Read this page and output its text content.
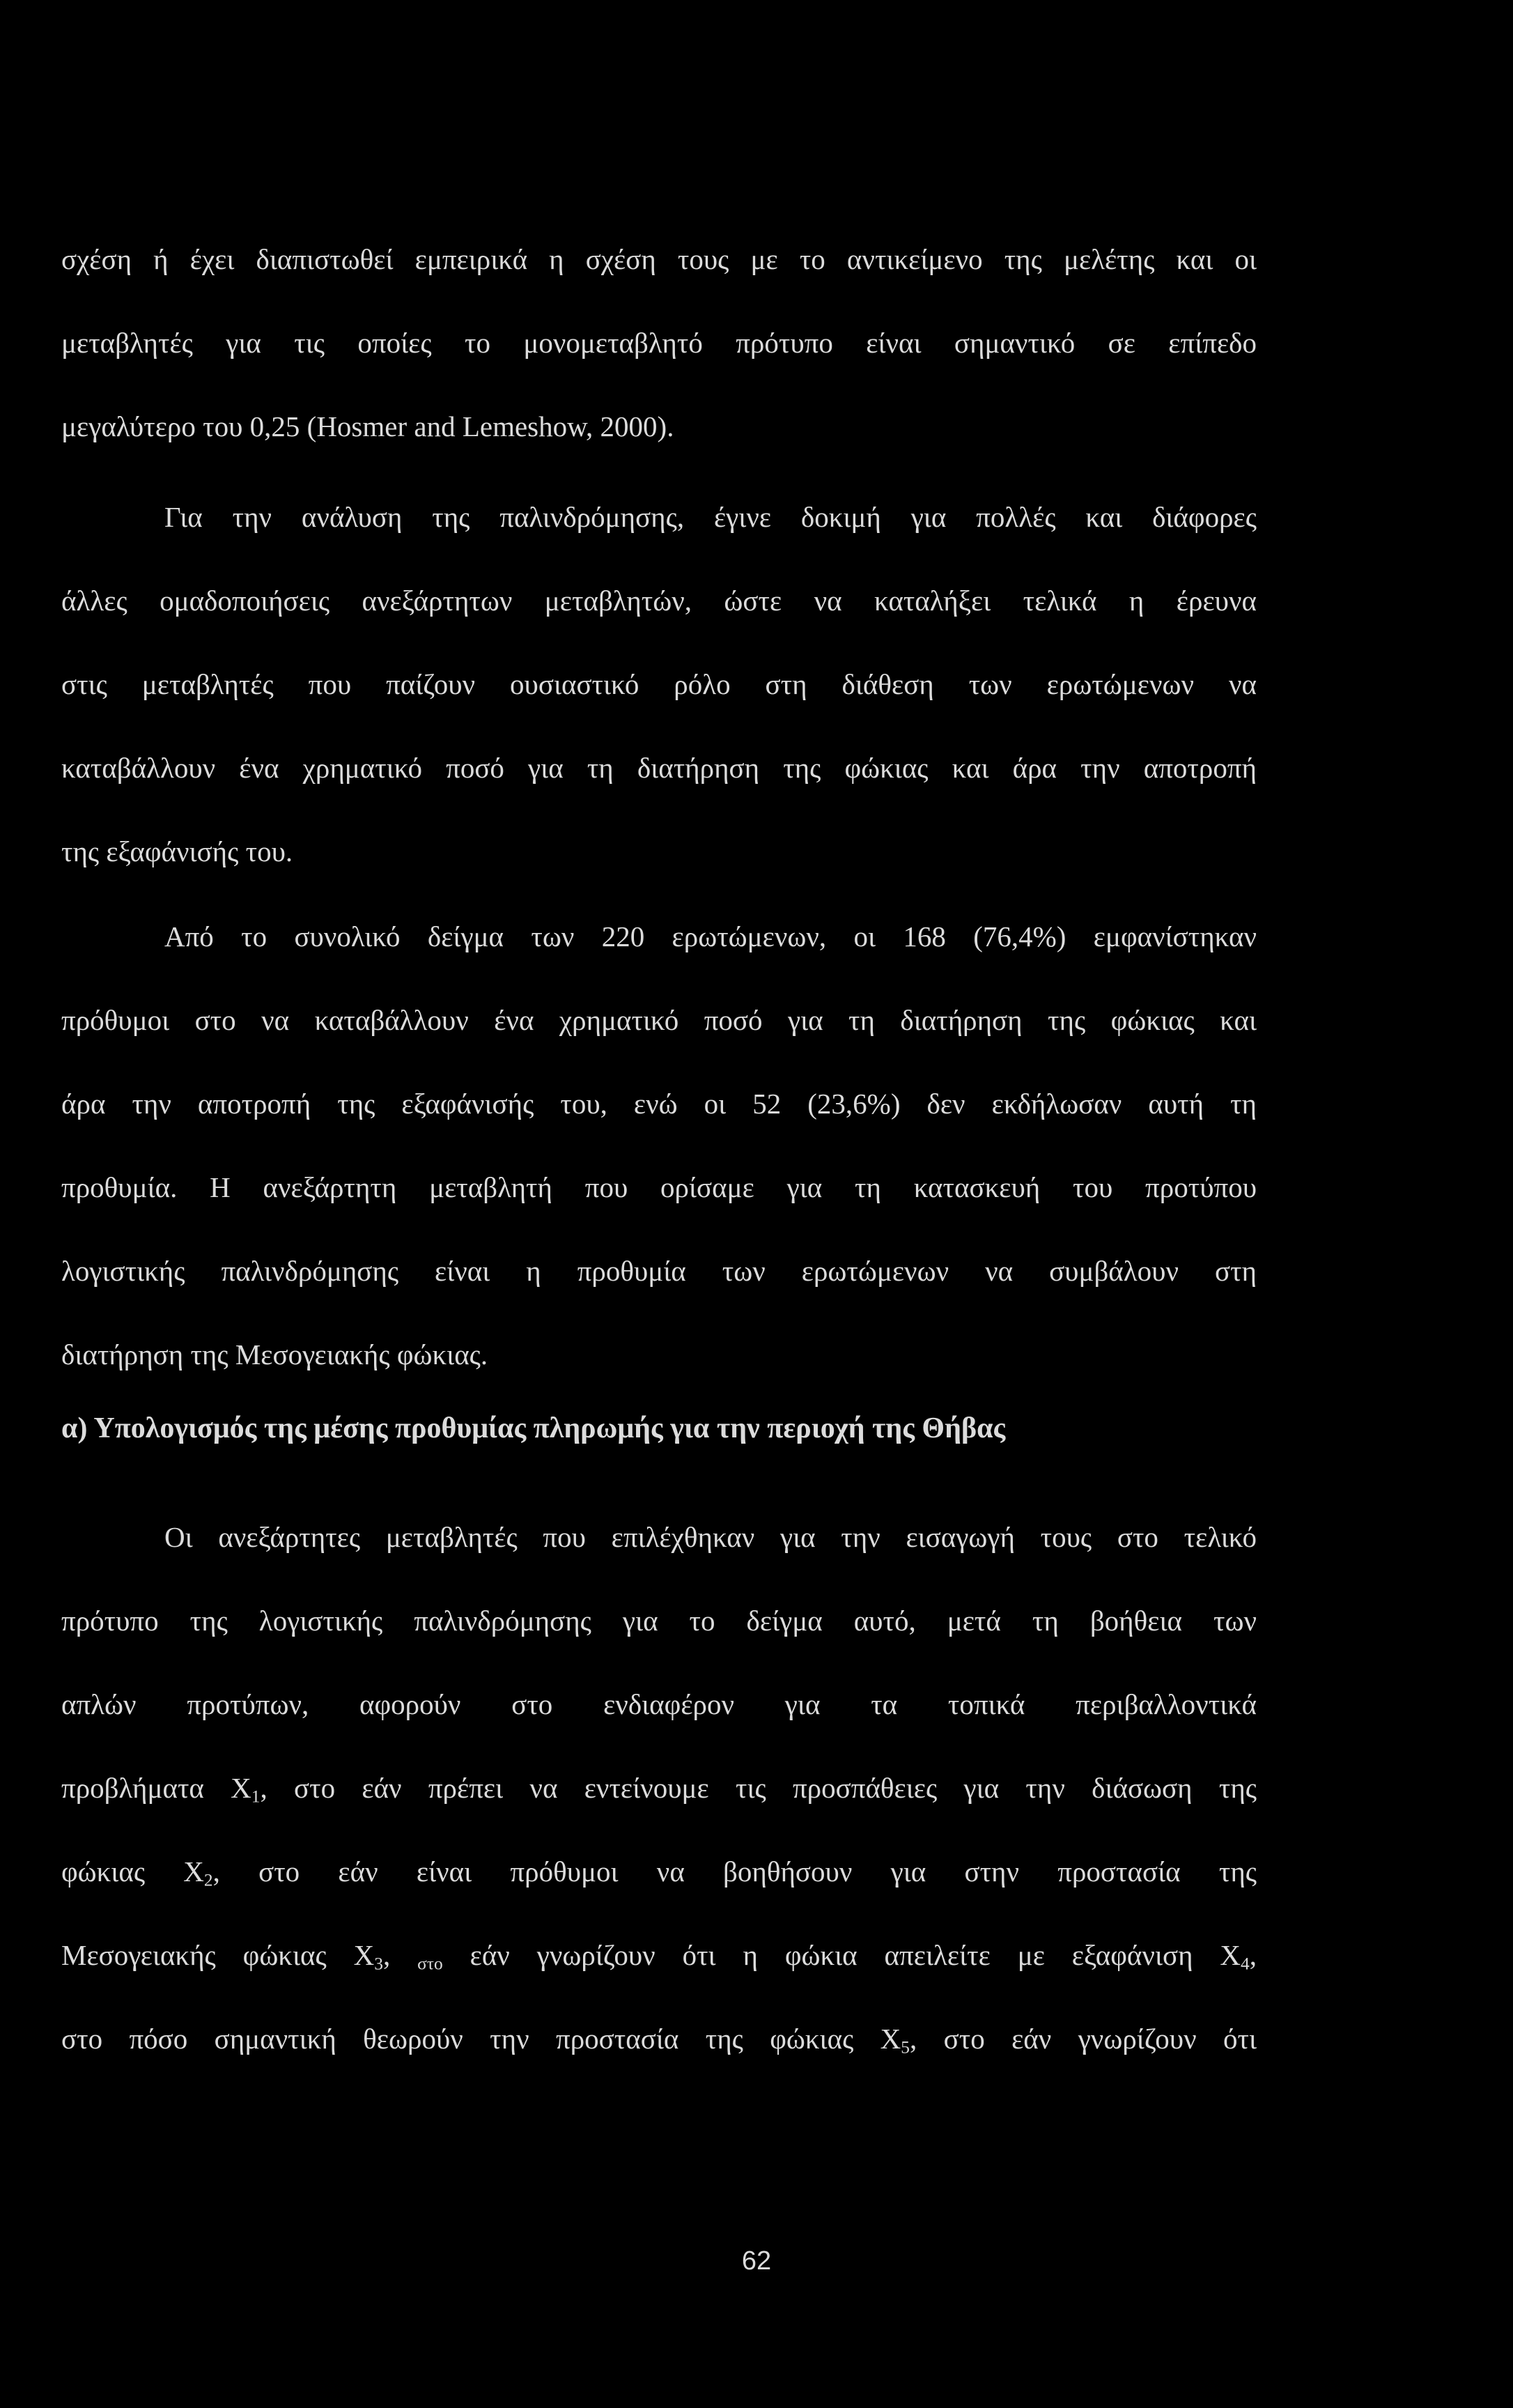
σχέση ή έχει διαπιστωθεί εμπειρικά η σχέση τους με το αντικείμενο της μελέτης και οι
μεταβλητές για τις οποίες το μονομεταβλητό πρότυπο είναι σημαντικό σε επίπεδο
μεγαλύτερο του 0,25 (Hosmer and Lemeshow, 2000).
Για την ανάλυση της παλινδρόμησης, έγινε δοκιμή για πολλές και διάφορες
άλλες ομαδοποιήσεις ανεξάρτητων μεταβλητών, ώστε να καταλήξει τελικά η έρευνα
στις μεταβλητές που παίζουν ουσιαστικό ρόλο στη διάθεση των ερωτώμενων να
καταβάλλουν ένα χρηματικό ποσό για τη διατήρηση της φώκιας και άρα την αποτροπή
της εξαφάνισής του.
Από το συνολικό δείγμα των 220 ερωτώμενων, οι 168 (76,4%) εμφανίστηκαν
πρόθυμοι στο να καταβάλλουν ένα χρηματικό ποσό για τη διατήρηση της φώκιας και
άρα την αποτροπή της εξαφάνισής του, ενώ οι 52 (23,6%) δεν εκδήλωσαν αυτή τη
προθυμία. Η ανεξάρτητη μεταβλητή που ορίσαμε για τη κατασκευή του προτύπου
λογιστικής παλινδρόμησης είναι η προθυμία των ερωτώμενων να συμβάλουν στη
διατήρηση της Μεσογειακής φώκιας.
α) Υπολογισμός της μέσης προθυμίας πληρωμής για την περιοχή της Θήβας
Οι ανεξάρτητες μεταβλητές που επιλέχθηκαν για την εισαγωγή τους στο τελικό
πρότυπο της λογιστικής παλινδρόμησης για το δείγμα αυτό, μετά τη βοήθεια των
απλών προτύπων, αφορούν στο ενδιαφέρον για τα τοπικά περιβαλλοντικά
προβλήματα $X_1$, στο εάν πρέπει να εντείνουμε τις προσπάθειες για την διάσωση της
φώκιας $X_2$, στο εάν είναι πρόθυμοι να βοηθήσουν για στην προστασία της
Μεσογειακής φώκιας $X_3$, στο εάν γνωρίζουν ότι η φώκια απειλείτε με εξαφάνιση $X_4$,
στο πόσο σημαντική θεωρούν την προστασία της φώκιας $X_5$, στο εάν γνωρίζουν ότι
62
